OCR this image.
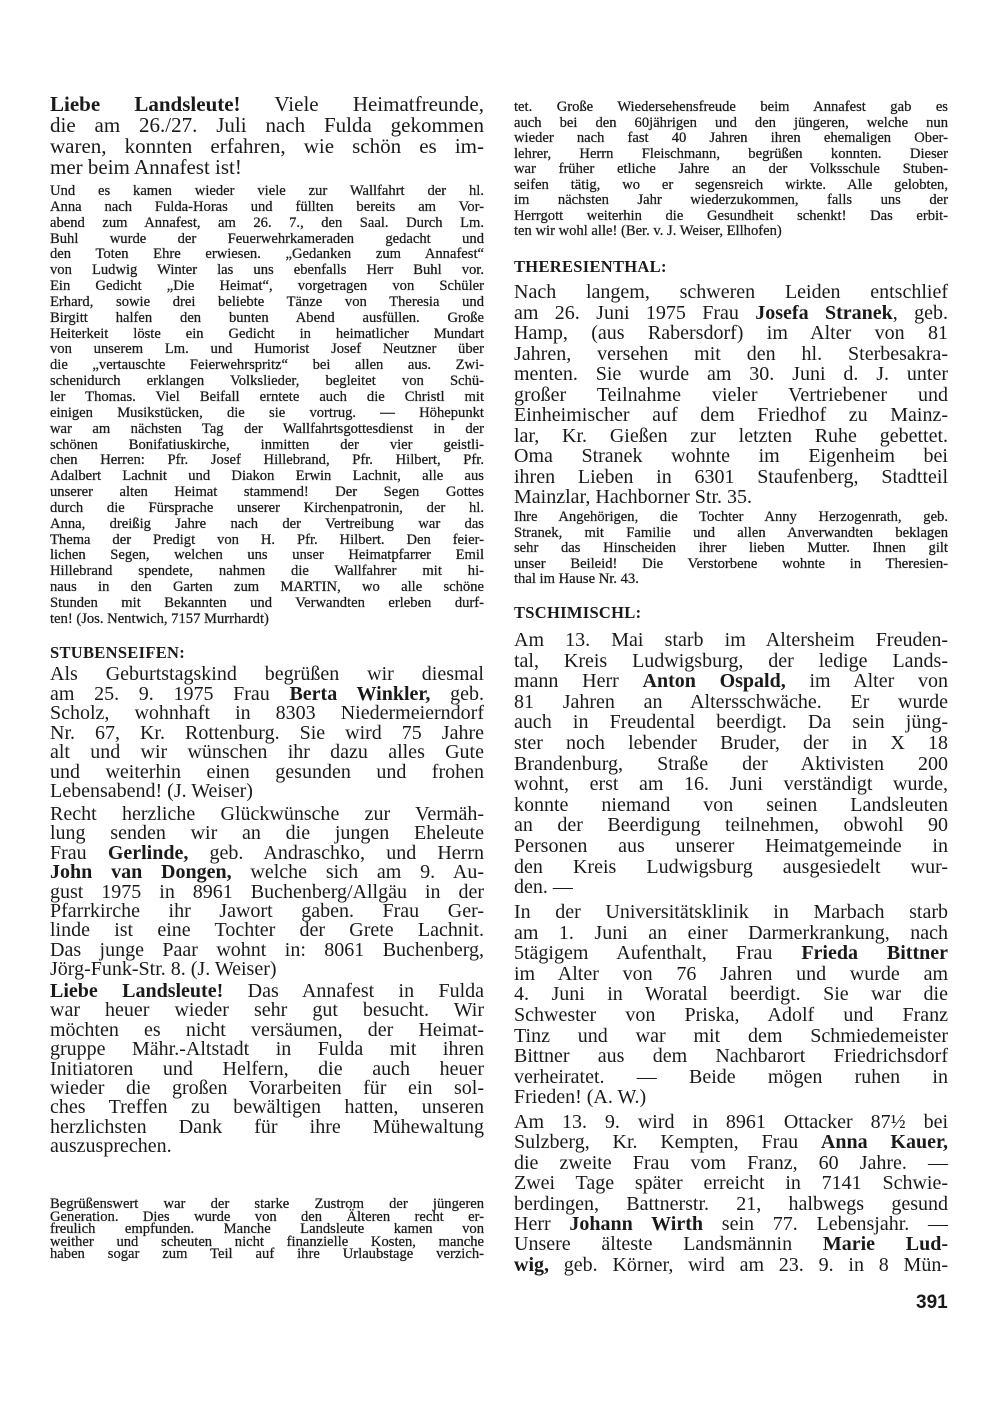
STUBENSEIFEN:
THERESIENTHAL:
TSCHIMISCHL:
391
Liebe Landsleute! Viele Heimatfreunde,
die am 26./27. Juli nach Fulda gekommen
waren, konnten erfahren, wie schön es im-
mer beim Annafest ist!
Und es kamen wieder viele zur Wallfahrt der hl.
Anna nach Fulda-Horas und füllten bereits am Vor-
abend zum Annafest, am 26. 7., den Saal. Durch Lm.
Buhl wurde der Feuerwehrkameraden gedacht und
den Toten Ehre erwiesen. „Gedanken zum Annafest“
von Ludwig Winter las uns ebenfalls Herr Buhl vor.
Ein Gedicht „Die Heimat“, vorgetragen von Schüler
Erhard, sowie drei beliebte Tänze von Theresia und
Birgitt halfen den bunten Abend ausfüllen. Große
Heiterkeit löste ein Gedicht in heimatlicher Mundart
von unserem Lm. und Humorist Josef Neutzner über
die „vertauschte Feierwehrspritz“ bei allen aus. Zwi-
schenidurch erklangen Volkslieder, begleitet von Schü-
ler Thomas. Viel Beifall erntete auch die Christl mit
einigen Musikstücken, die sie vortrug. — Höhepunkt
war am nächsten Tag der Wallfahrtsgottesdienst in der
schönen Bonifatiuskirche, inmitten der vier geistli-
chen Herren: Pfr. Josef Hillebrand, Pfr. Hilbert, Pfr.
Adalbert Lachnit und Diakon Erwin Lachnit, alle aus
unserer alten Heimat stammend! Der Segen Gottes
durch die Fürsprache unserer Kirchenpatronin, der hl.
Anna, dreißig Jahre nach der Vertreibung war das
Thema der Predigt von H. Pfr. Hilbert. Den feier-
lichen Segen, welchen uns unser Heimatpfarrer Emil
Hillebrand spendete, nahmen die Wallfahrer mit hi-
naus in den Garten zum MARTIN, wo alle schöne
Stunden mit Bekannten und Verwandten erleben durf-
ten! (Jos. Nentwich, 7157 Murrhardt)
Als Geburtstagskind begrüßen wir diesmal
am 25. 9. 1975 Frau Berta Winkler, geb.
Scholz, wohnhaft in 8303 Niedermeierndorf
Nr. 67, Kr. Rottenburg. Sie wird 75 Jahre
alt und wir wünschen ihr dazu alles Gute
und weiterhin einen gesunden und frohen
Lebensabend! (J. Weiser)
Recht herzliche Glückwünsche zur Vermäh-
lung senden wir an die jungen Eheleute
Frau Gerlinde, geb. Andraschko, und Herrn
John van Dongen, welche sich am 9. Au-
gust 1975 in 8961 Buchenberg/Allgäu in der
Pfarrkirche ihr Jawort gaben. Frau Ger-
linde ist eine Tochter der Grete Lachnit.
Das junge Paar wohnt in: 8061 Buchenberg,
Jörg-Funk-Str. 8. (J. Weiser)
Liebe Landsleute! Das Annafest in Fulda
war heuer wieder sehr gut besucht. Wir
möchten es nicht versäumen, der Heimat-
gruppe Mähr.-Altstadt in Fulda mit ihren
Initiatoren und Helfern, die auch heuer
wieder die großen Vorarbeiten für ein sol-
ches Treffen zu bewältigen hatten, unseren
herzlichsten Dank für ihre Mühewaltung
auszusprechen.
Begrüßenswert war der starke Zustrom der jüngeren
Generation. Dies wurde von den Älteren recht er-
freulich empfunden. Manche Landsleute kamen von
weither und scheuten nicht finanzielle Kosten, manche
haben sogar zum Teil auf ihre Urlaubstage verzich-
tet. Große Wiedersehensfreude beim Annafest gab es
auch bei den 60jährigen und den jüngeren, welche nun
wieder nach fast 40 Jahren ihren ehemaligen Ober-
lehrer, Herrn Fleischmann, begrüßen konnten. Dieser
war früher etliche Jahre an der Volksschule Stuben-
seifen tätig, wo er segensreich wirkte. Alle gelobten,
im nächsten Jahr wiederzukommen, falls uns der
Herrgott weiterhin die Gesundheit schenkt! Das erbit-
ten wir wohl alle! (Ber. v. J. Weiser, Ellhofen)
Nach langem, schweren Leiden entschlief
am 26. Juni 1975 Frau Josefa Stranek, geb.
Hamp, (aus Rabersdorf) im Alter von 81
Jahren, versehen mit den hl. Sterbesakra-
menten. Sie wurde am 30. Juni d. J. unter
großer Teilnahme vieler Vertriebener und
Einheimischer auf dem Friedhof zu Mainz-
lar, Kr. Gießen zur letzten Ruhe gebettet.
Oma Stranek wohnte im Eigenheim bei
ihren Lieben in 6301 Staufenberg, Stadtteil
Mainzlar, Hachborner Str. 35.
Ihre Angehörigen, die Tochter Anny Herzogenrath, geb.
Stranek, mit Familie und allen Anverwandten beklagen
sehr das Hinscheiden ihrer lieben Mutter. Ihnen gilt
unser Beileid! Die Verstorbene wohnte in Theresien-
thal im Hause Nr. 43.
Am 13. Mai starb im Altersheim Freuden-
tal, Kreis Ludwigsburg, der ledige Lands-
mann Herr Anton Ospald, im Alter von
81 Jahren an Altersschwäche. Er wurde
auch in Freudental beerdigt. Da sein jüng-
ster noch lebender Bruder, der in X 18
Brandenburg, Straße der Aktivisten 200
wohnt, erst am 16. Juni verständigt wurde,
konnte niemand von seinen Landsleuten
an der Beerdigung teilnehmen, obwohl 90
Personen aus unserer Heimatgemeinde in
den Kreis Ludwigsburg ausgesiedelt wur-
den. —
In der Universitätsklinik in Marbach starb
am 1. Juni an einer Darmerkrankung, nach
5tägigem Aufenthalt, Frau Frieda Bittner
im Alter von 76 Jahren und wurde am
4. Juni in Woratal beerdigt. Sie war die
Schwester von Priska, Adolf und Franz
Tinz und war mit dem Schmiedemeister
Bittner aus dem Nachbarort Friedrichsdorf
verheiratet. — Beide mögen ruhen in
Frieden! (A. W.)
Am 13. 9. wird in 8961 Ottacker 87½ bei
Sulzberg, Kr. Kempten, Frau Anna Kauer,
die zweite Frau vom Franz, 60 Jahre. —
Zwei Tage später erreicht in 7141 Schwie-
berdingen, Battnerstr. 21, halbwegs gesund
Herr Johann Wirth sein 77. Lebensjahr. —
Unsere älteste Landsmännin Marie Lud-
wig, geb. Körner, wird am 23. 9. in 8 Mün-
